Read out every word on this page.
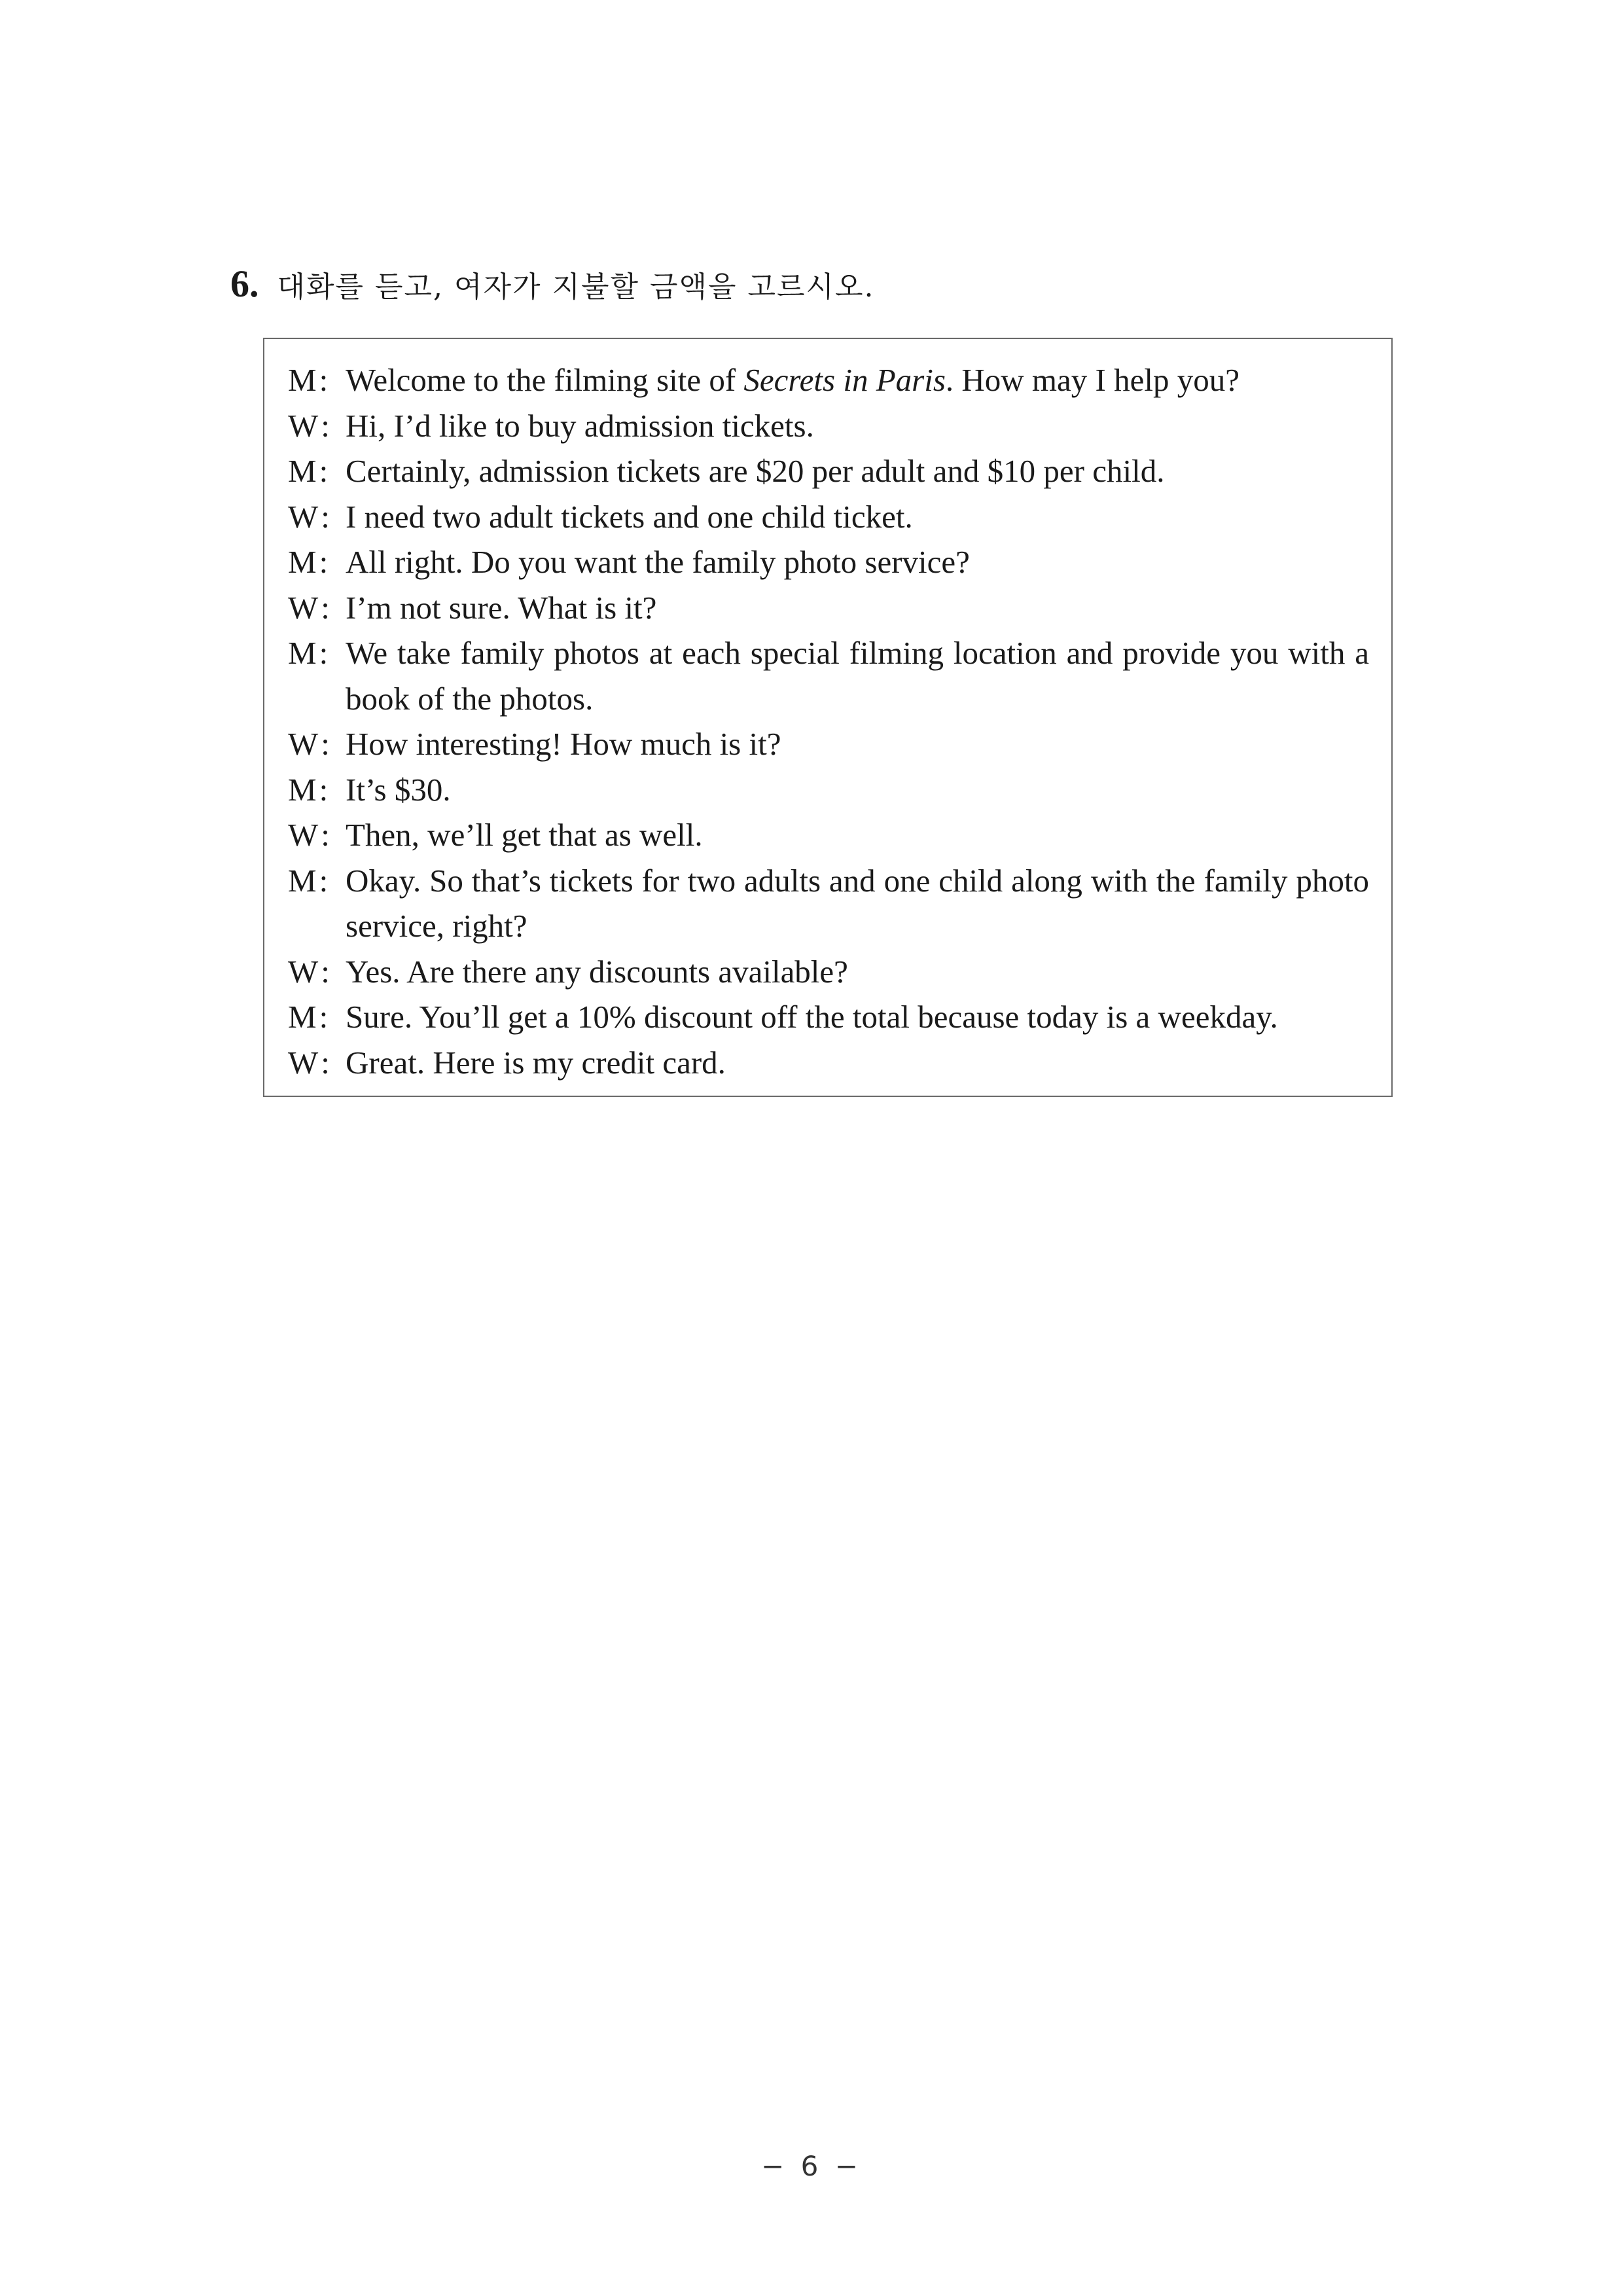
6. 대화를 듣고, 여자가 지불할 금액을 고르시오.
M: Welcome to the filming site of Secrets in Paris. How may I help you?
W: Hi, I’d like to buy admission tickets.
M: Certainly, admission tickets are $20 per adult and $10 per child.
W: I need two adult tickets and one child ticket.
M: All right. Do you want the family photo service?
W: I’m not sure. What is it?
M: We take family photos at each special filming location and provide you with a book of the photos.
W: How interesting! How much is it?
M: It’s $30.
W: Then, we’ll get that as well.
M: Okay. So that’s tickets for two adults and one child along with the family photo service, right?
W: Yes. Are there any discounts available?
M: Sure. You’ll get a 10% discount off the total because today is a weekday.
W: Great. Here is my credit card.
− 6 −
